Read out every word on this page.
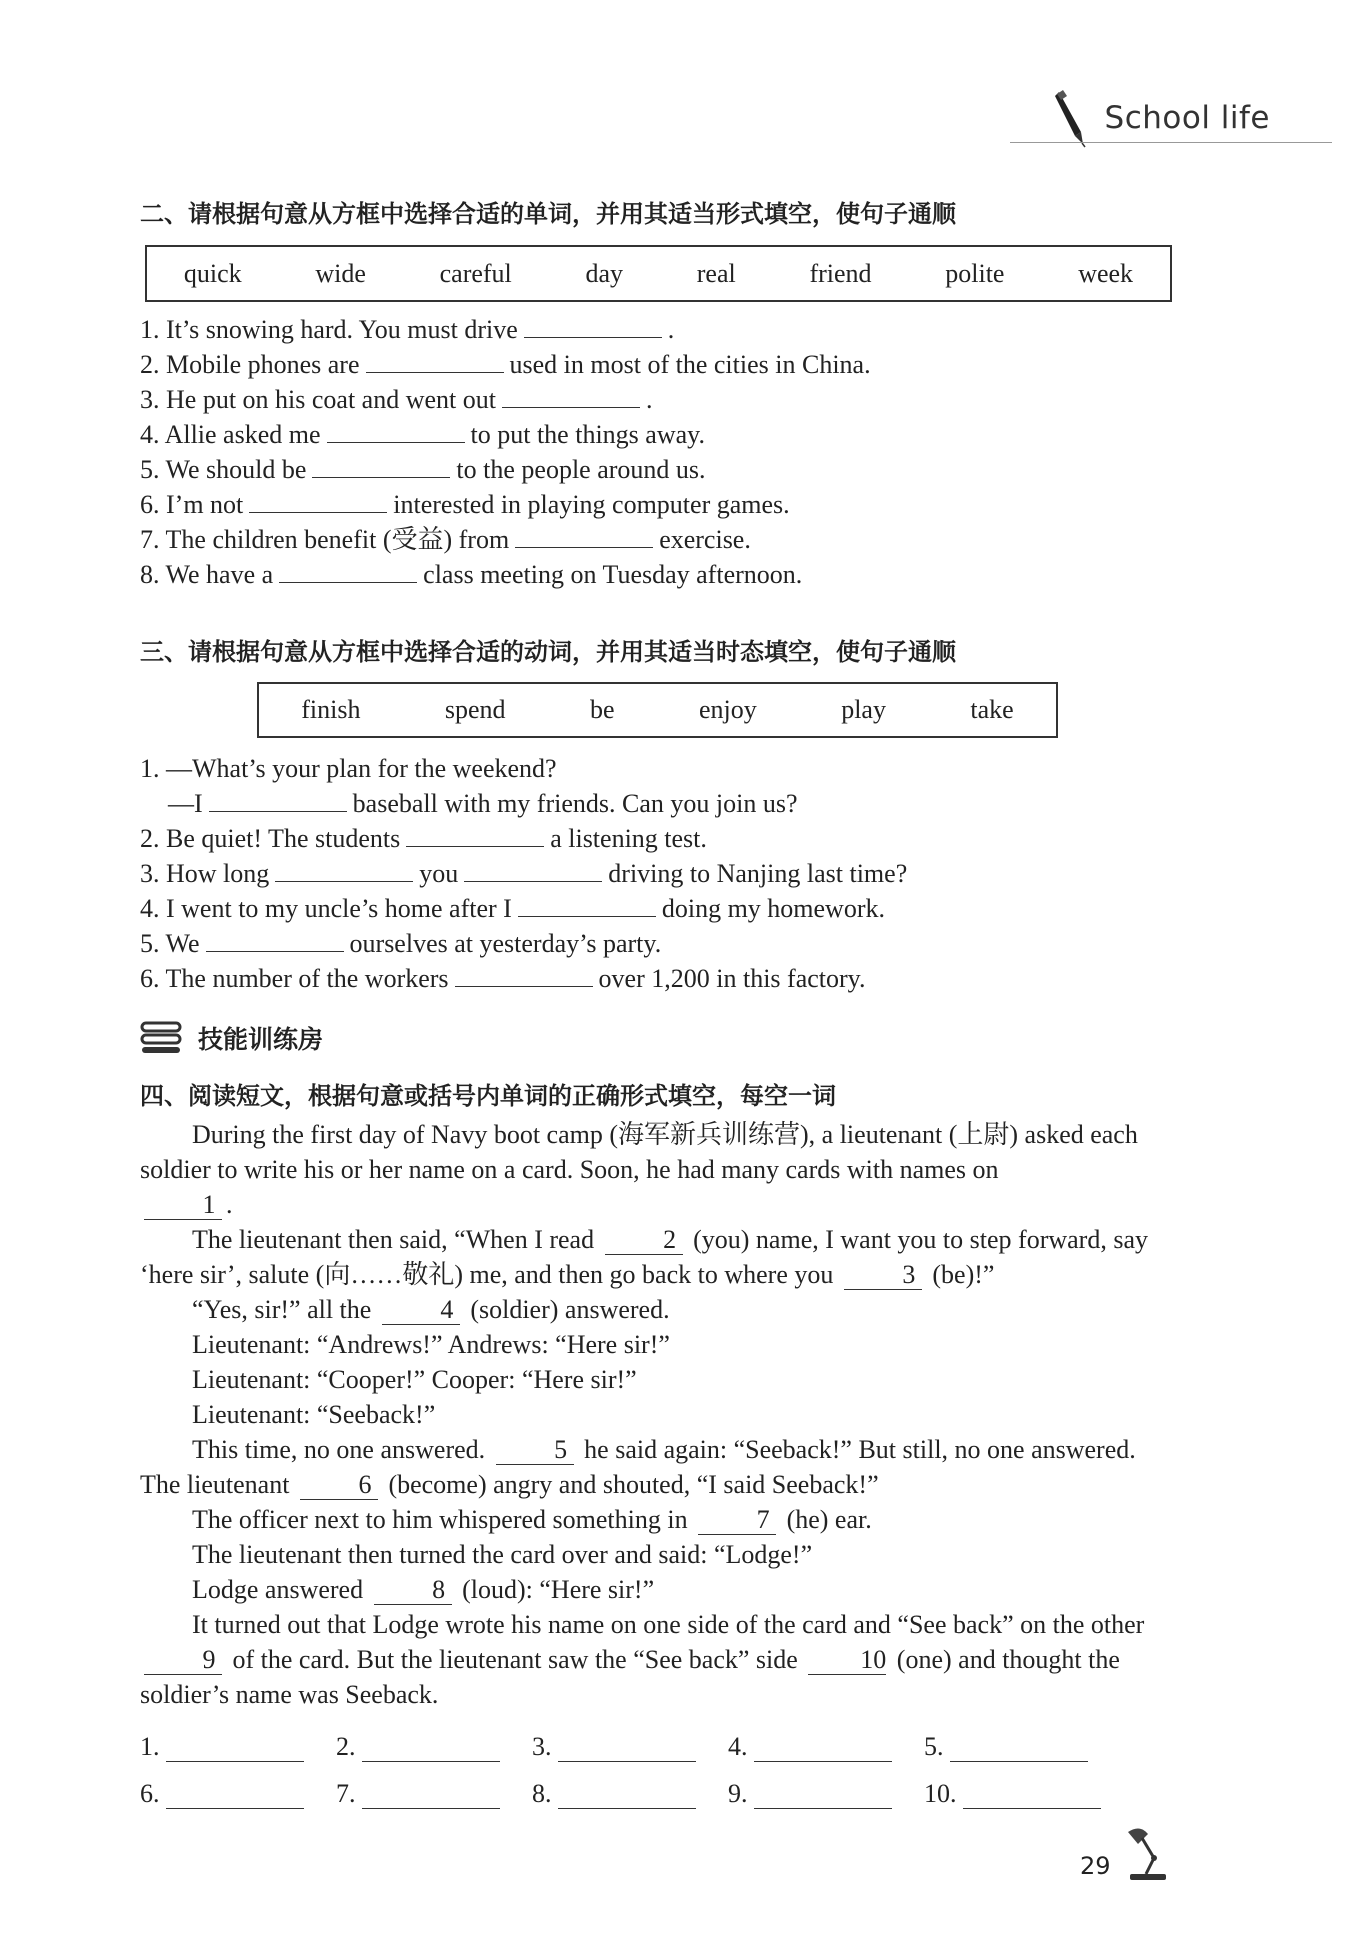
School life
二、请根据句意从方框中选择合适的单词，并用其适当形式填空，使句子通顺
quick	wide	careful	day	real	friend	polite	week
1. It’s snowing hard. You must drive	.
2. Mobile phones are	used in most of the cities in China.
3. He put on his coat and went out	.
4. Allie asked me	to put the things away.
5. We should be	to the people around us.
6. I’m not	interested in playing computer games.
7. The children benefit (受益) from	exercise.
8. We have a	class meeting on Tuesday afternoon.
三、请根据句意从方框中选择合适的动词，并用其适当时态填空，使句子通顺
finish	spend	be	enjoy	play	take
1. —What’s your plan for the weekend?
—I	baseball with my friends. Can you join us?
2. Be quiet! The students	a listening test.
3. How long	you	driving to Nanjing last time?
4. I went to my uncle’s home after I	doing my homework.
5. We	ourselves at yesterday’s party.
6. The number of the workers	over 1,200 in this factory.
技能训练房
四、阅读短文，根据句意或括号内单词的正确形式填空，每空一词

During the first day of Navy boot camp (海军新兵训练营), a lieutenant (上尉) asked each soldier to write his or her name on a card. Soon, he had many cards with names on
1 .

The lieutenant then said, “When I read	2 (you) name, I want you to step forward, say ‘here sir’, salute (向……敬礼) me, and then go back to where you	3 (be)!”

“Yes, sir!” all the	4 (soldier) answered.

Lieutenant: “Andrews!” Andrews: “Here sir!”

Lieutenant: “Cooper!” Cooper: “Here sir!”

Lieutenant: “Seeback!”

This time, no one answered.	5 he said again: “Seeback!” But still, no one answered. The lieutenant	6 (become) angry and shouted, “I said Seeback!”

The officer next to him whispered something in	7 (he) ear.

The lieutenant then turned the card over and said: “Lodge!”

Lodge answered	8 (loud): “Here sir!”

It turned out that Lodge wrote his name on one side of the card and “See back” on the other 9 of the card. But the lieutenant saw the “See back” side 10 (one) and thought the soldier’s name was Seeback.

1.	2.	3.	4.	5.
6.	7.	8.	9.	10.
29
